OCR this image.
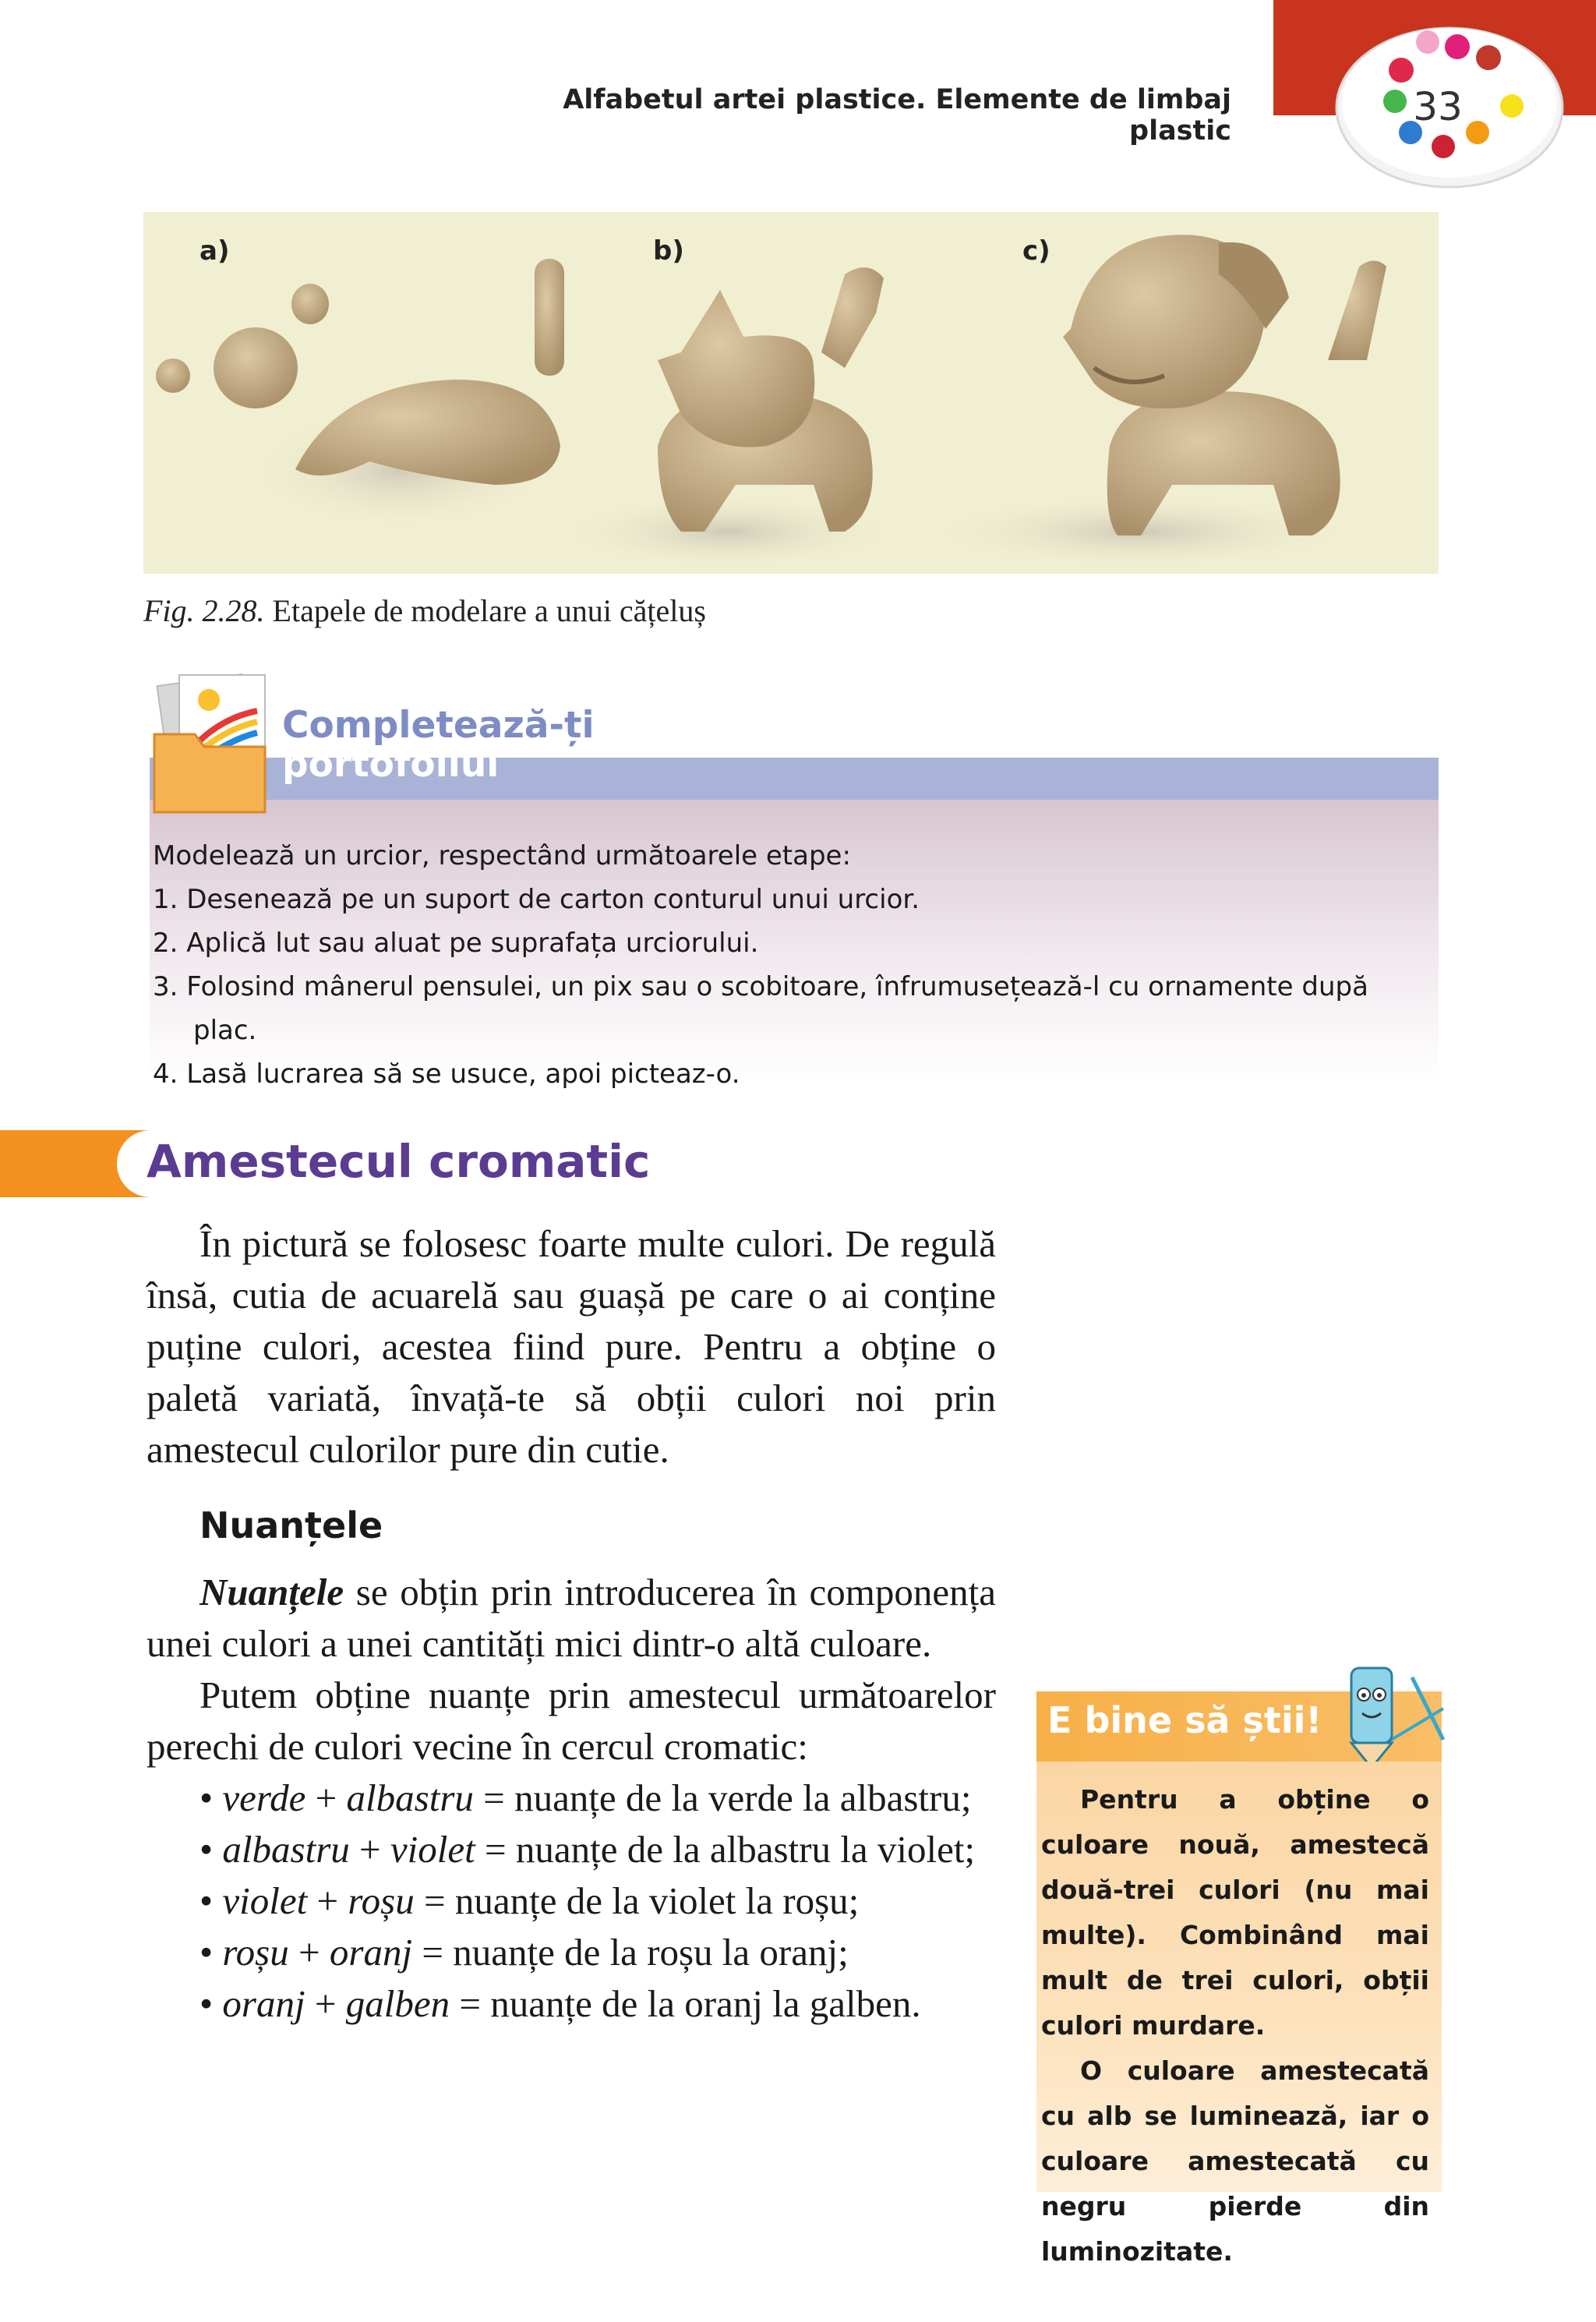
Alfabetul artei plastice. Elemente de limbaj plastic
33
a)	b)	c)
Fig. 2.28. Etapele de modelare a unui cățeluș
Completează-ți
portofoliul
Modelează un urcior, respectând următoarele etape:
1. Desenează pe un suport de carton conturul unui urcior.
2. Aplică lut sau aluat pe suprafața urciorului.
3. Folosind mânerul pensulei, un pix sau o scobitoare, înfrumusețează-l cu ornamente după
plac.
4. Lasă lucrarea să se usuce, apoi picteaz-o.
Amestecul cromatic

În pictură se folosesc foarte multe culori. De regulă însă, cutia de acuarelă sau guașă pe care o ai conține puține culori, acestea fiind pure. Pentru a obține o paletă variată, învață-te să obții culori noi prin amestecul culorilor pure din cutie.

Nuanțele

Nuanțele se obțin prin introducerea în componența unei culori a unei cantități mici dintr-o altă culoare.

Putem obține nuanțe prin amestecul următoarelor perechi de culori vecine în cercul cromatic:

• verde + albastru = nuanțe de la verde la albastru;

• albastru + violet = nuanțe de la albastru la violet;

• violet + roșu = nuanțe de la violet la roșu;

• roșu + oranj = nuanțe de la roșu la oranj;

• oranj + galben = nuanțe de la oranj la galben.

E bine să știi!

Pentru a obține o culoare nouă, amestecă două-trei culori (nu mai multe). Combinând mai mult de trei culori, obții culori murdare.

O culoare amestecată cu alb se luminează, iar o culoare amestecată cu negru pierde din luminozitate.
